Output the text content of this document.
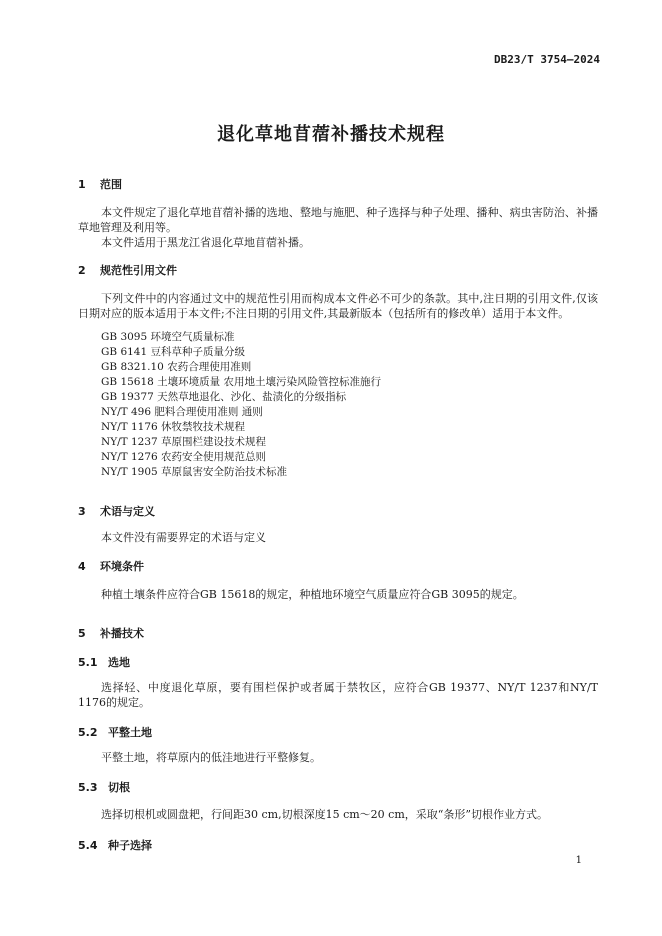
DB23/T 3754—2024
退化草地苜蓿补播技术规程
1 范围
本文件规定了退化草地苜蓿补播的选地、整地与施肥、种子选择与种子处理、播种、病虫害防治、补播草地管理及利用等。
本文件适用于黑龙江省退化草地苜蓿补播。
2 规范性引用文件
下列文件中的内容通过文中的规范性引用而构成本文件必不可少的条款。其中,注日期的引用文件,仅该日期对应的版本适用于本文件;不注日期的引用文件,其最新版本（包括所有的修改单）适用于本文件。
GB 3095 环境空气质量标准
GB 6141 豆科草种子质量分级
GB 8321.10 农药合理使用准则
GB 15618 土壤环境质量 农用地土壤污染风险管控标准施行
GB 19377 天然草地退化、沙化、盐渍化的分级指标
NY/T 496 肥料合理使用准则 通则
NY/T 1176 休牧禁牧技术规程
NY/T 1237 草原围栏建设技术规程
NY/T 1276 农药安全使用规范总则
NY/T 1905 草原鼠害安全防治技术标准
3 术语与定义
本文件没有需要界定的术语与定义
4 环境条件
种植土壤条件应符合GB 15618的规定，种植地环境空气质量应符合GB 3095的规定。
5 补播技术
5.1 选地
选择轻、中度退化草原，要有围栏保护或者属于禁牧区，应符合GB 19377、NY/T 1237和NY/T 1176的规定。
5.2 平整土地
平整土地，将草原内的低洼地进行平整修复。
5.3 切根
选择切根机或圆盘耙，行间距30 cm,切根深度15 cm～20 cm，采取“条形”切根作业方式。
5.4 种子选择
1
